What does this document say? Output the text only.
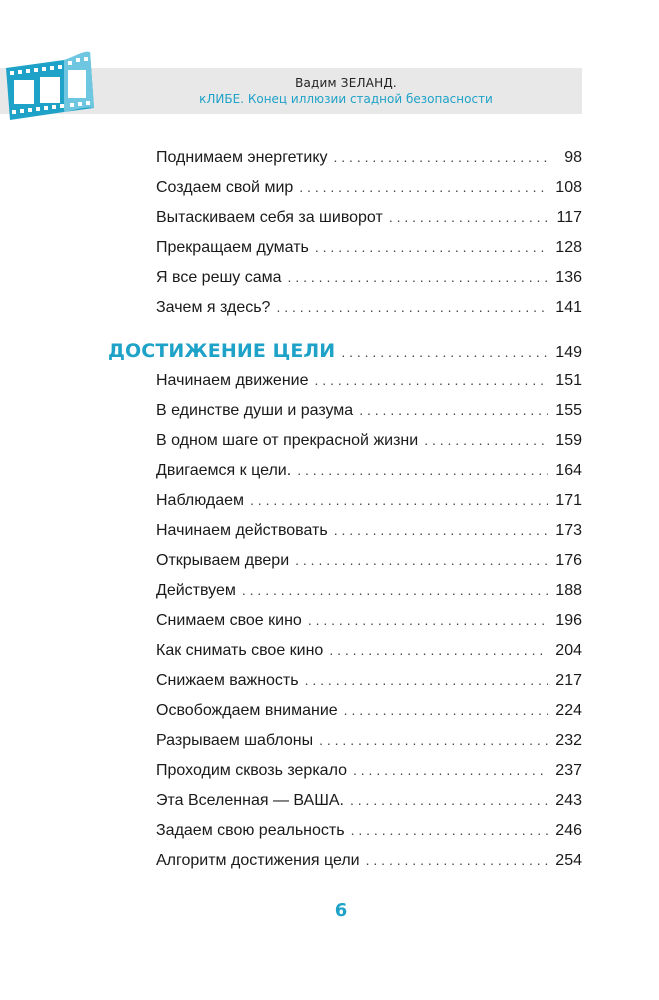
Вадим ЗЕЛАНД.
кЛИБЕ. Конец иллюзии стадной безопасности
Поднимаем энергетику . . .	98
Создаем свой мир . . .	108
Вытаскиваем себя за шиворот . . .	117
Прекращаем думать . . .	128
Я все решу сама . . .	136
Зачем я здесь? . . .	141
ДОСТИЖЕНИЕ ЦЕЛИ . . .	149
Начинаем движение . . .	151
В единстве души и разума . . .	155
В одном шаге от прекрасной жизни . . .	159
Двигаемся к цели. . . .	164
Наблюдаем . . .	171
Начинаем действовать . . .	173
Открываем двери . . .	176
Действуем . . .	188
Снимаем свое кино . . .	196
Как снимать свое кино . . .	204
Снижаем важность . . .	217
Освобождаем внимание . . .	224
Разрываем шаблоны . . .	232
Проходим сквозь зеркало . . .	237
Эта Вселенная — ВАША. . . .	243
Задаем свою реальность . . .	246
Алгоритм достижения цели . . .	254
6
